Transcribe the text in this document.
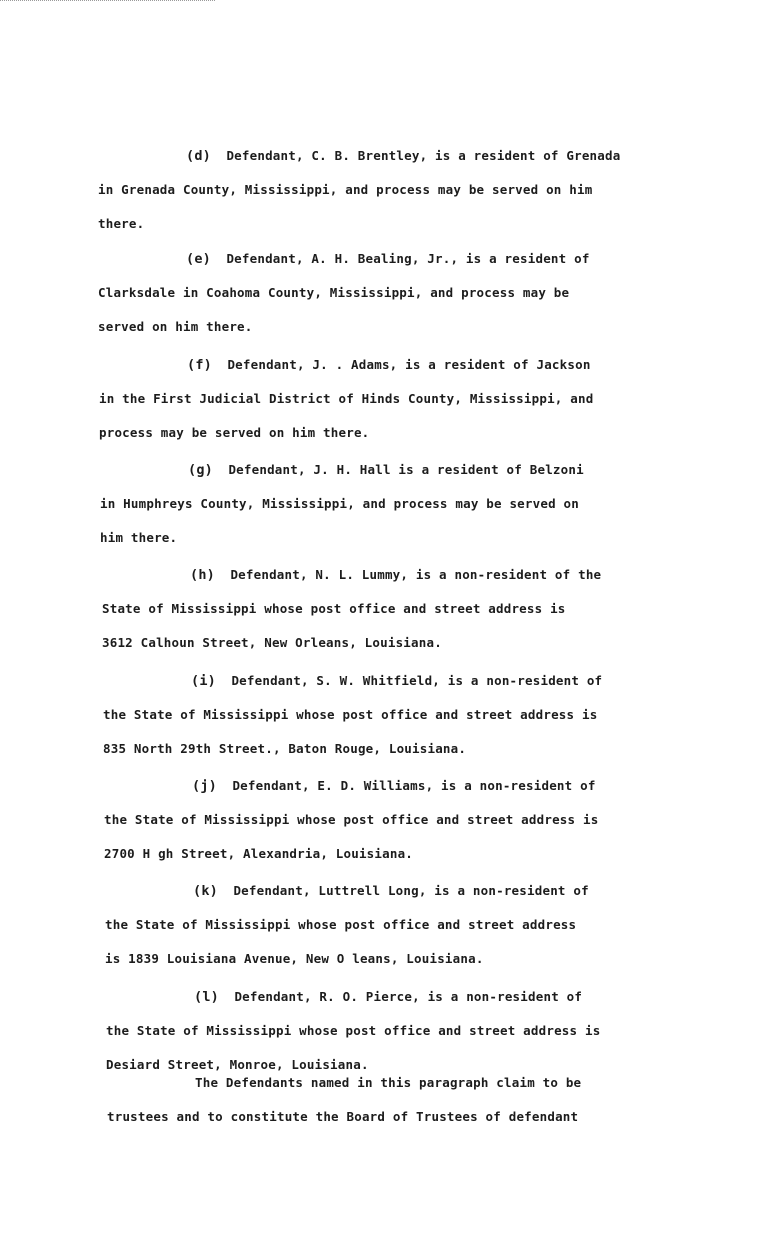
(d) Defendant, C. B. Brentley, is a resident of Grenada
in Grenada County, Mississippi, and process may be served on him
there.
(e) Defendant, A. H. Bealing, Jr., is a resident of
Clarksdale in Coahoma County, Mississippi, and process may be
served on him there.
(f) Defendant, J. . Adams, is a resident of Jackson
in the First Judicial District of Hinds County, Mississippi, and
process may be served on him there.
(g) Defendant, J. H. Hall is a resident of Belzoni
in Humphreys County, Mississippi, and process may be served on
him there.
(h) Defendant, N. L. Lummy, is a non-resident of the
State of Mississippi whose post office and street address is
3612 Calhoun Street, New Orleans, Louisiana.
(i) Defendant, S. W. Whitfield, is a non-resident of
the State of Mississippi whose post office and street address is
835 North 29th Street., Baton Rouge, Louisiana.
(j) Defendant, E. D. Williams, is a non-resident of
the State of Mississippi whose post office and street address is
2700 H gh Street, Alexandria, Louisiana.
(k) Defendant, Luttrell Long, is a non-resident of
the State of Mississippi whose post office and street address
is 1839 Louisiana Avenue, New O leans, Louisiana.
(l) Defendant, R. O. Pierce, is a non-resident of
the State of Mississippi whose post office and street address is
Desiard Street, Monroe, Louisiana.
The Defendants named in this paragraph claim to be
trustees and to constitute the Board of Trustees of defendant
